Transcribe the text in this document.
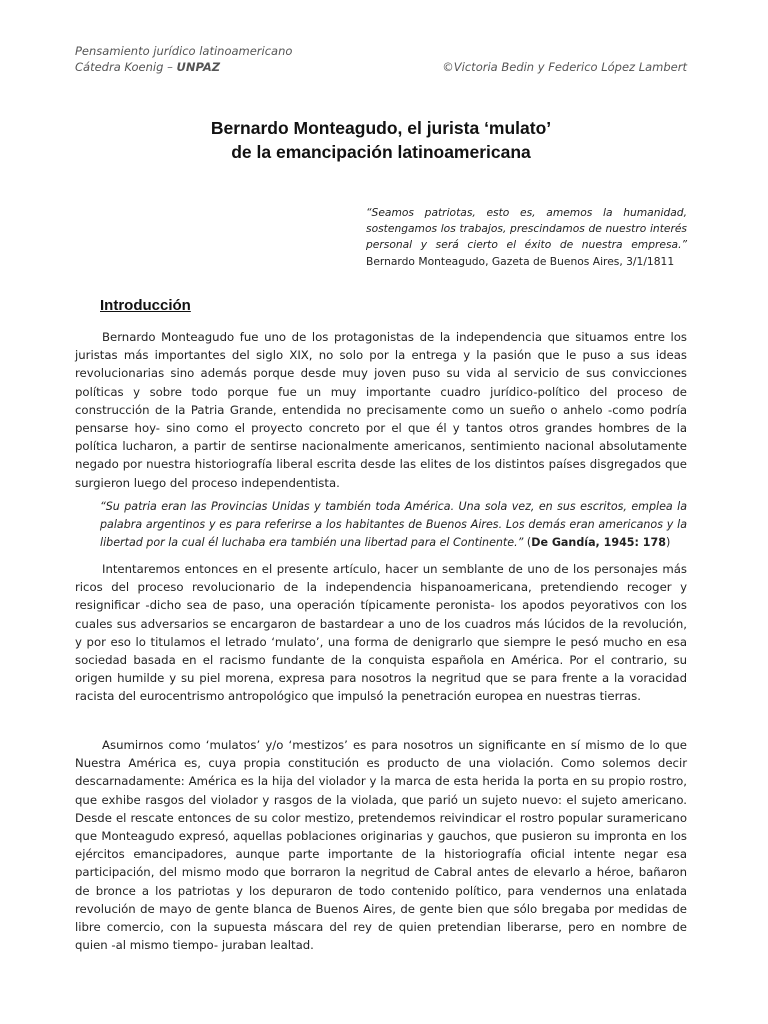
Pensamiento jurídico latinoamericano
Cátedra Koenig – UNPAZ	©Victoria Bedin y Federico López Lambert
Bernardo Monteagudo, el jurista ‘mulato’
de la emancipación latinoamericana
“Seamos patriotas, esto es, amemos la humanidad, sostengamos los trabajos, prescindamos de nuestro interés personal y será cierto el éxito de nuestra empresa.” Bernardo Monteagudo, Gazeta de Buenos Aires, 3/1/1811
Introducción
Bernardo Monteagudo fue uno de los protagonistas de la independencia que situamos entre los juristas más importantes del siglo XIX, no solo por la entrega y la pasión que le puso a sus ideas revolucionarias sino además porque desde muy joven puso su vida al servicio de sus convicciones políticas y sobre todo porque fue un muy importante cuadro jurídico-político del proceso de construcción de la Patria Grande, entendida no precisamente como un sueño o anhelo -como podría pensarse hoy- sino como el proyecto concreto por el que él y tantos otros grandes hombres de la política lucharon, a partir de sentirse nacionalmente americanos, sentimiento nacional absolutamente negado por nuestra historiografía liberal escrita desde las elites de los distintos países disgregados que surgieron luego del proceso independentista.
“Su patria eran las Provincias Unidas y también toda América. Una sola vez, en sus escritos, emplea la palabra argentinos y es para referirse a los habitantes de Buenos Aires. Los demás eran americanos y la libertad por la cual él luchaba era también una libertad para el Continente.” (De Gandía, 1945: 178)
Intentaremos entonces en el presente artículo, hacer un semblante de uno de los personajes más ricos del proceso revolucionario de la independencia hispanoamericana, pretendiendo recoger y resignificar -dicho sea de paso, una operación típicamente peronista- los apodos peyorativos con los cuales sus adversarios se encargaron de bastardear a uno de los cuadros más lúcidos de la revolución, y por eso lo titulamos el letrado ‘mulato’, una forma de denigrarlo que siempre le pesó mucho en esa sociedad basada en el racismo fundante de la conquista española en América. Por el contrario, su origen humilde y su piel morena, expresa para nosotros la negritud que se para frente a la voracidad racista del eurocentrismo antropológico que impulsó la penetración europea en nuestras tierras.
Asumirnos como ‘mulatos’ y/o ‘mestizos’ es para nosotros un significante en sí mismo de lo que Nuestra América es, cuya propia constitución es producto de una violación. Como solemos decir descarnadamente: América es la hija del violador y la marca de esta herida la porta en su propio rostro, que exhibe rasgos del violador y rasgos de la violada, que parió un sujeto nuevo: el sujeto americano. Desde el rescate entonces de su color mestizo, pretendemos reivindicar el rostro popular suramericano que Monteagudo expresó, aquellas poblaciones originarias y gauchos, que pusieron su impronta en los ejércitos emancipadores, aunque parte importante de la historiografía oficial intente negar esa participación, del mismo modo que borraron la negritud de Cabral antes de elevarlo a héroe, bañaron de bronce a los patriotas y los depuraron de todo contenido político, para vendernos una enlatada revolución de mayo de gente blanca de Buenos Aires, de gente bien que sólo bregaba por medidas de libre comercio, con la supuesta máscara del rey de quien pretendian liberarse, pero en nombre de quien -al mismo tiempo- juraban lealtad.
